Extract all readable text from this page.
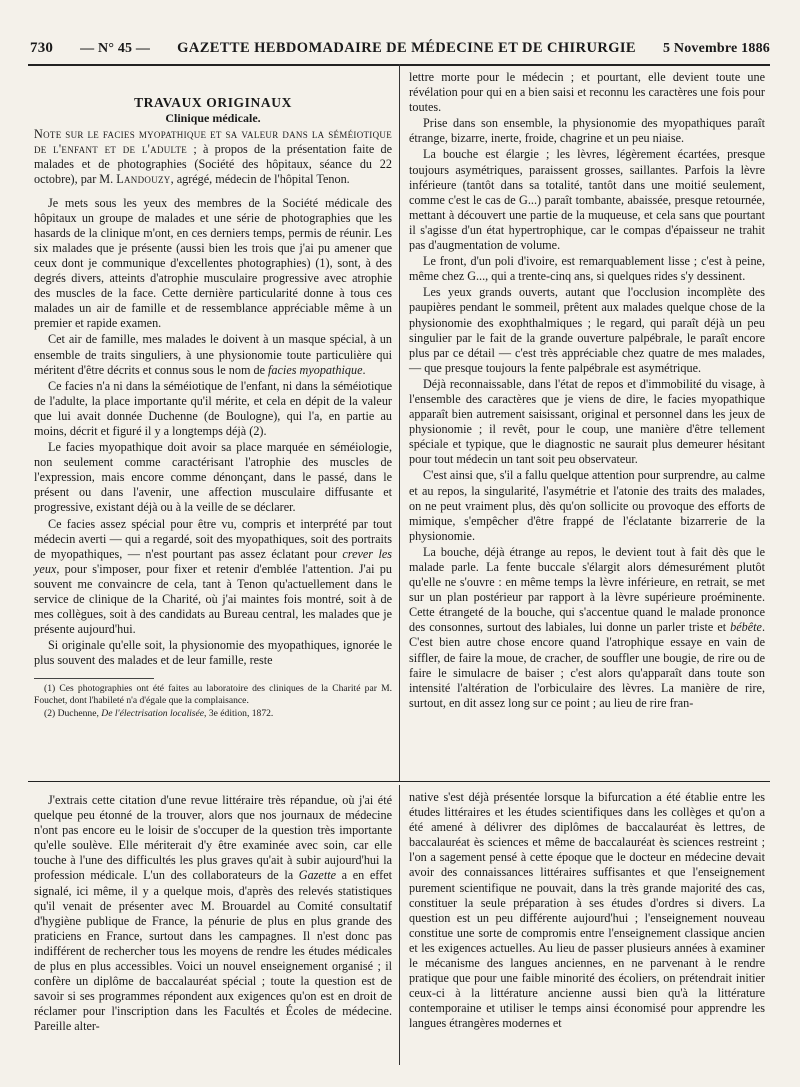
730 — N° 45 — GAZETTE HEBDOMADAIRE DE MÉDECINE ET DE CHIRURGIE 5 Novembre 1886

TRAVAUX ORIGINAUX

Clinique médicale.

Note sur le facies myopathique et sa valeur dans la séméiotique de l'enfant et de l'adulte ; à propos de la présentation faite de malades et de photographies (Société des hôpitaux, séance du 22 octobre), par M. Landouzy, agrégé, médecin de l'hôpital Tenon.

Je mets sous les yeux des membres de la Société médicale des hôpitaux un groupe de malades et une série de photographies que les hasards de la clinique m'ont, en ces derniers temps, permis de réunir. Les six malades que je présente (aussi bien les trois que j'ai pu amener que ceux dont je communique d'excellentes photographies) (1), sont, à des degrés divers, atteints d'atrophie musculaire progressive avec atrophie des muscles de la face. Cette dernière particularité donne à tous ces malades un air de famille et de ressemblance appréciable même à un premier et rapide examen.

Cet air de famille, mes malades le doivent à un masque spécial, à un ensemble de traits singuliers, à une physionomie toute particulière qui méritent d'être décrits et connus sous le nom de facies myopathique.

Ce facies n'a ni dans la séméiotique de l'enfant, ni dans la séméiotique de l'adulte, la place importante qu'il mérite, et cela en dépit de la valeur que lui avait donnée Duchenne (de Boulogne), qui l'a, en partie au moins, décrit et figuré il y a longtemps déjà (2).

Le facies myopathique doit avoir sa place marquée en séméiologie, non seulement comme caractérisant l'atrophie des muscles de l'expression, mais encore comme dénonçant, dans le passé, dans le présent ou dans l'avenir, une affection musculaire diffusante et progressive, existant déjà ou à la veille de se déclarer.

Ce facies assez spécial pour être vu, compris et interprété par tout médecin averti — qui a regardé, soit des myopathiques, soit des portraits de myopathiques, — n'est pourtant pas assez éclatant pour crever les yeux, pour s'imposer, pour fixer et retenir d'emblée l'attention. J'ai pu souvent me convaincre de cela, tant à Tenon qu'actuellement dans le service de clinique de la Charité, où j'ai maintes fois montré, soit à de mes collègues, soit à des candidats au Bureau central, les malades que je présente aujourd'hui.

Si originale qu'elle soit, la physionomie des myopathiques, ignorée le plus souvent des malades et de leur famille, reste

(1) Ces photographies ont été faites au laboratoire des cliniques de la Charité par M. Fouchet, dont l'habileté n'a d'égale que la complaisance.

(2) Duchenne, De l'électrisation localisée, 3e édition, 1872.

lettre morte pour le médecin ; et pourtant, elle devient toute une révélation pour qui en a bien saisi et reconnu les caractères une fois pour toutes.

Prise dans son ensemble, la physionomie des myopathiques paraît étrange, bizarre, inerte, froide, chagrine et un peu niaise.

La bouche est élargie ; les lèvres, légèrement écartées, presque toujours asymétriques, paraissent grosses, saillantes. Parfois la lèvre inférieure (tantôt dans sa totalité, tantôt dans une moitié seulement, comme c'est le cas de G...) paraît tombante, abaissée, presque retournée, mettant à découvert une partie de la muqueuse, et cela sans que pourtant il s'agisse d'un état hypertrophique, car le compas d'épaisseur ne trahit pas d'augmentation de volume.

Le front, d'un poli d'ivoire, est remarquablement lisse ; c'est à peine, même chez G..., qui a trente-cinq ans, si quelques rides s'y dessinent.

Les yeux grands ouverts, autant que l'occlusion incomplète des paupières pendant le sommeil, prêtent aux malades quelque chose de la physionomie des exophthalmiques ; le regard, qui paraît déjà un peu singulier par le fait de la grande ouverture palpébrale, le paraît encore plus par ce détail — c'est très appréciable chez quatre de mes malades, — que presque toujours la fente palpébrale est asymétrique.

Déjà reconnaissable, dans l'état de repos et d'immobilité du visage, à l'ensemble des caractères que je viens de dire, le facies myopathique apparaît bien autrement saisissant, original et personnel dans les jeux de physionomie ; il revêt, pour le coup, une manière d'être tellement spéciale et typique, que le diagnostic ne saurait plus demeurer hésitant pour tout médecin un tant soit peu observateur.

C'est ainsi que, s'il a fallu quelque attention pour surprendre, au calme et au repos, la singularité, l'asymétrie et l'atonie des traits des malades, on ne peut vraiment plus, dès qu'on sollicite ou provoque des efforts de mimique, s'empêcher d'être frappé de l'éclatante bizarrerie de la physionomie.

La bouche, déjà étrange au repos, le devient tout à fait dès que le malade parle. La fente buccale s'élargit alors démesurément plutôt qu'elle ne s'ouvre : en même temps la lèvre inférieure, en retrait, se met sur un plan postérieur par rapport à la lèvre supérieure proéminente. Cette étrangeté de la bouche, qui s'accentue quand le malade prononce des consonnes, surtout des labiales, lui donne un parler triste et bébête. C'est bien autre chose encore quand l'atrophique essaye en vain de siffler, de faire la moue, de cracher, de souffler une bougie, de rire ou de faire le simulacre de baiser ; c'est alors qu'apparaît dans toute son intensité l'altération de l'orbiculaire des lèvres. La manière de rire, surtout, en dit assez long sur ce point ; au lieu de rire fran-

J'extrais cette citation d'une revue littéraire très répandue, où j'ai été quelque peu étonné de la trouver, alors que nos journaux de médecine n'ont pas encore eu le loisir de s'occuper de la question très importante qu'elle soulève. Elle mériterait d'y être examinée avec soin, car elle touche à l'une des difficultés les plus graves qu'ait à subir aujourd'hui la profession médicale. L'un des collaborateurs de la Gazette a en effet signalé, ici même, il y a quelque mois, d'après des relevés statistiques qu'il venait de présenter avec M. Brouardel au Comité consultatif d'hygiène publique de France, la pénurie de plus en plus grande des praticiens en France, surtout dans les campagnes. Il n'est donc pas indifférent de rechercher tous les moyens de rendre les études médicales de plus en plus accessibles. Voici un nouvel enseignement organisé ; il confère un diplôme de baccalauréat spécial ; toute la question est de savoir si ses programmes répondent aux exigences qu'on est en droit de réclamer pour l'inscription dans les Facultés et Écoles de médecine. Pareille alter-

native s'est déjà présentée lorsque la bifurcation a été établie entre les études littéraires et les études scientifiques dans les collèges et qu'on a été amené à délivrer des diplômes de baccalauréat ès lettres, de baccalauréat ès sciences et même de baccalauréat ès sciences restreint ; l'on a sagement pensé à cette époque que le docteur en médecine devait avoir des connaissances littéraires suffisantes et que l'enseignement purement scientifique ne pouvait, dans la très grande majorité des cas, constituer la seule préparation à ses études d'ordres si divers. La question est un peu différente aujourd'hui ; l'enseignement nouveau constitue une sorte de compromis entre l'enseignement classique ancien et les exigences actuelles. Au lieu de passer plusieurs années à examiner le mécanisme des langues anciennes, en ne parvenant à le rendre pratique que pour une faible minorité des écoliers, on prétendrait initier ceux-ci à la littérature ancienne aussi bien qu'à la littérature contemporaine et utiliser le temps ainsi économisé pour apprendre les langues étrangères modernes et
